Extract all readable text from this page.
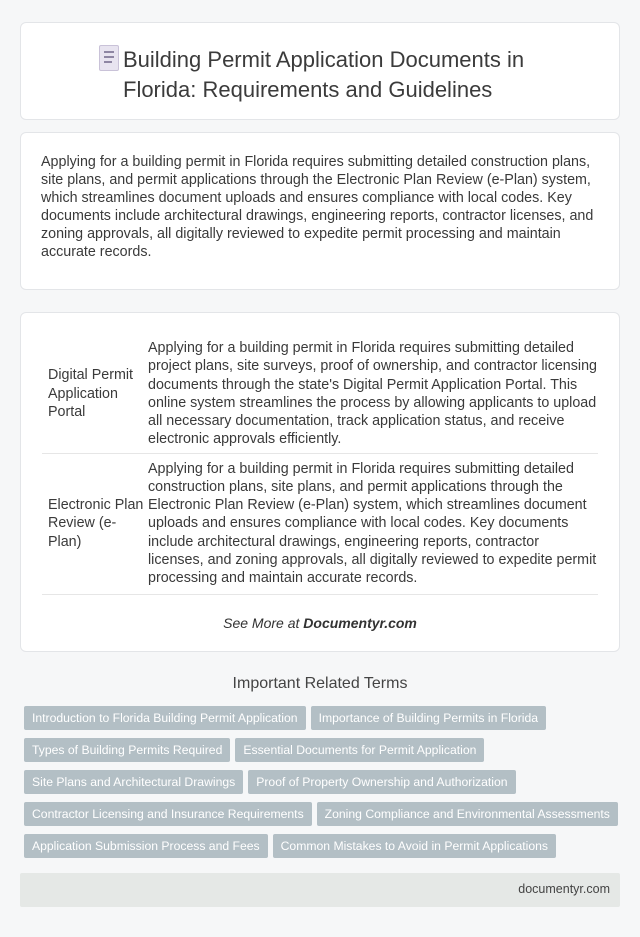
Building Permit Application Documents in Florida: Requirements and Guidelines

Applying for a building permit in Florida requires submitting detailed construction plans, site plans, and permit applications through the Electronic Plan Review (e-Plan) system, which streamlines document uploads and ensures compliance with local codes. Key documents include architectural drawings, engineering reports, contractor licenses, and zoning approvals, all digitally reviewed to expedite permit processing and maintain accurate records.

Digital Permit Application Portal	Applying for a building permit in Florida requires submitting detailed project plans, site surveys, proof of ownership, and contractor licensing documents through the state's Digital Permit Application Portal. This online system streamlines the process by allowing applicants to upload all necessary documentation, track application status, and receive electronic approvals efficiently.
Electronic Plan Review (e-Plan)	Applying for a building permit in Florida requires submitting detailed construction plans, site plans, and permit applications through the Electronic Plan Review (e-Plan) system, which streamlines document uploads and ensures compliance with local codes. Key documents include architectural drawings, engineering reports, contractor licenses, and zoning approvals, all digitally reviewed to expedite permit processing and maintain accurate records.
See More at Documentyr.com
Important Related Terms
Introduction to Florida Building Permit Application Importance of Building Permits in Florida
Types of Building Permits Required Essential Documents for Permit Application
Site Plans and Architectural Drawings Proof of Property Ownership and Authorization
Contractor Licensing and Insurance Requirements Zoning Compliance and Environmental Assessments
Application Submission Process and Fees Common Mistakes to Avoid in Permit Applications
documentyr.com
